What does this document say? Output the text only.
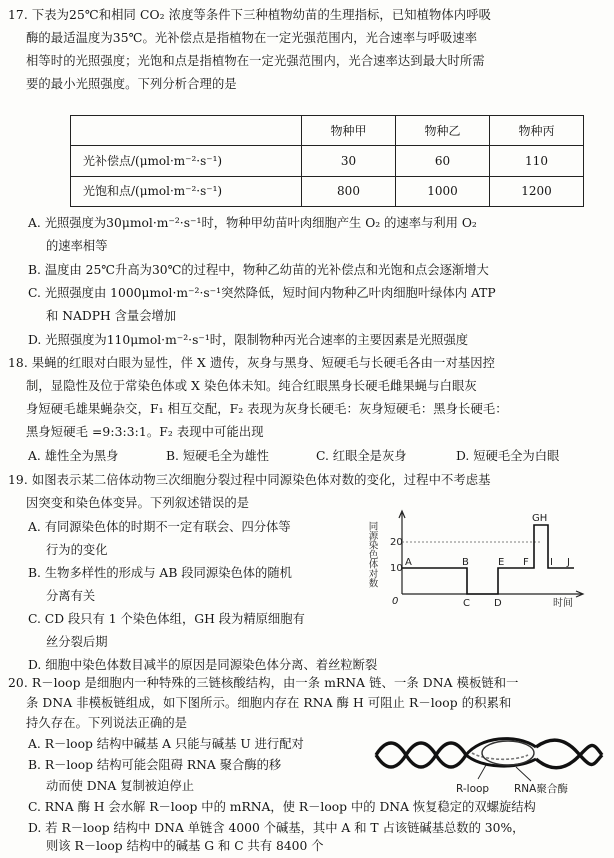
17. 下表为25℃和相同 CO₂ 浓度等条件下三种植物幼苗的生理指标，已知植物体内呼吸
酶的最适温度为35℃。光补偿点是指植物在一定光强范围内，光合速率与呼吸速率
相等时的光照强度；光饱和点是指植物在一定光强范围内，光合速率达到最大时所需
要的最小光照强度。下列分析合理的是
	物种甲	物种乙	物种丙
光补偿点/(μmol·m⁻²·s⁻¹)	30	60	110
光饱和点/(μmol·m⁻²·s⁻¹)	800	1000	1200
A. 光照强度为30μmol·m⁻²·s⁻¹时，物种甲幼苗叶肉细胞产生 O₂ 的速率与利用 O₂
的速率相等
B. 温度由 25℃升高为30℃的过程中，物种乙幼苗的光补偿点和光饱和点会逐渐增大
C. 光照强度由 1000μmol·m⁻²·s⁻¹突然降低，短时间内物种乙叶肉细胞叶绿体内 ATP
和 NADPH 含量会增加
D. 光照强度为110μmol·m⁻²·s⁻¹时，限制物种丙光合速率的主要因素是光照强度
18. 果蝇的红眼对白眼为显性，伴 X 遗传，灰身与黑身、短硬毛与长硬毛各由一对基因控
制，显隐性及位于常染色体或 X 染色体未知。纯合红眼黑身长硬毛雌果蝇与白眼灰
身短硬毛雄果蝇杂交，F₁ 相互交配，F₂ 表现为灰身长硬毛：灰身短硬毛：黑身长硬毛：
黑身短硬毛 =9:3:3:1。F₂ 表现中可能出现
A. 雄性全为黑身	B. 短硬毛全为雄性	C. 红眼全是灰身	D. 短硬毛全为白眼
19. 如图表示某二倍体动物三次细胞分裂过程中同源染色体对数的变化，过程中不考虑基
因突变和染色体变异。下列叙述错误的是
A. 有同源染色体的时期不一定有联会、四分体等
行为的变化
B. 生物多样性的形成与 AB 段同源染色体的随机
分离有关
C. CD 段只有 1 个染色体组，GH 段为精原细胞有
丝分裂后期
D. 细胞中染色体数目减半的原因是同源染色体分离、着丝粒断裂
同源染色体对数 20
10
0
A	B
C D
E F
GH
I J
时间
20. R－loop 是细胞内一种特殊的三链核酸结构，由一条 mRNA 链、一条 DNA 模板链和一
条 DNA 非模板链组成，如下图所示。细胞内存在 RNA 酶 H 可阻止 R－loop 的积累和
持久存在。下列说法正确的是
A. R－loop 结构中碱基 A 只能与碱基 U 进行配对
B. R－loop 结构可能会阻碍 RNA 聚合酶的移
动而使 DNA 复制被迫停止
C. RNA 酶 H 会水解 R－loop 中的 mRNA，使 R－loop 中的 DNA 恢复稳定的双螺旋结构
D. 若 R－loop 结构中 DNA 单链含 4000 个碱基，其中 A 和 T 占该链碱基总数的 30%，
R-loop RNA聚合酶
则该 R－loop 结构中的碱基 G 和 C 共有 8400 个
